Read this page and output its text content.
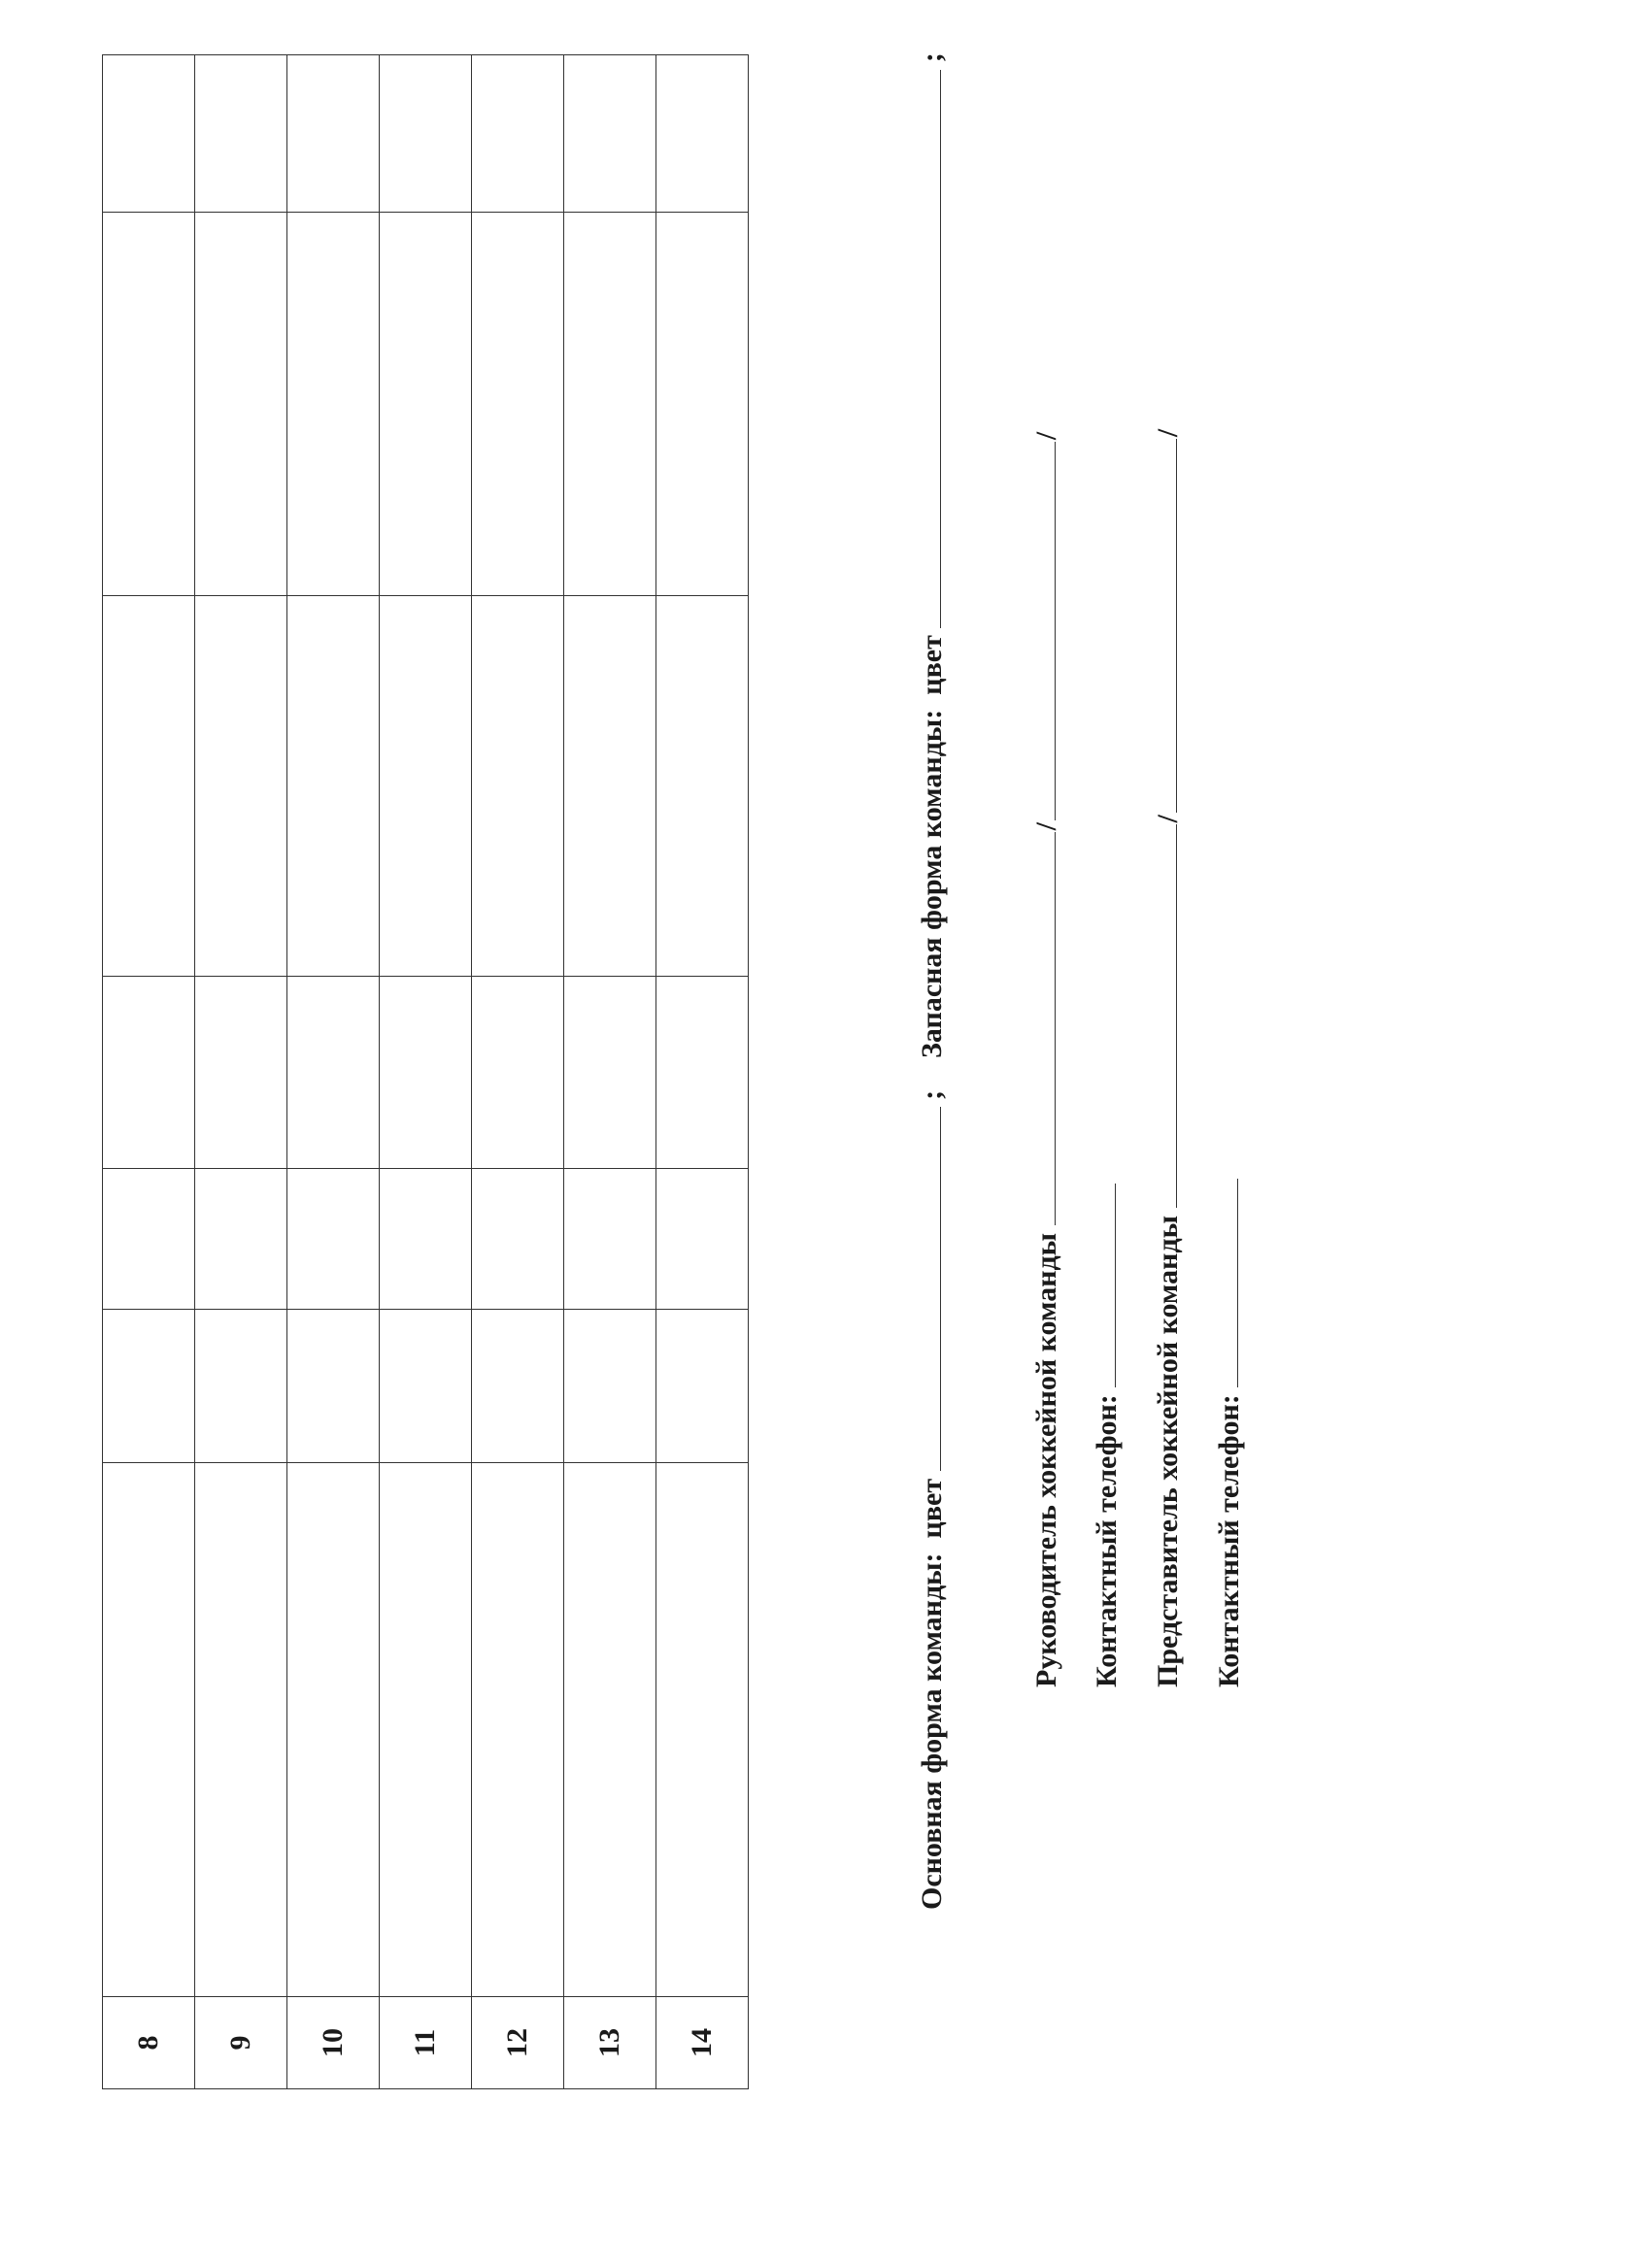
8							
9							
10							
11							
12							
13							
14							
Основная форма команды:  цвет  ;  Запасная форма команды:  цвет  ;
Руководитель хоккейной команды //
Контактный телефон: Представитель хоккейной команды //
Контактный телефон:
